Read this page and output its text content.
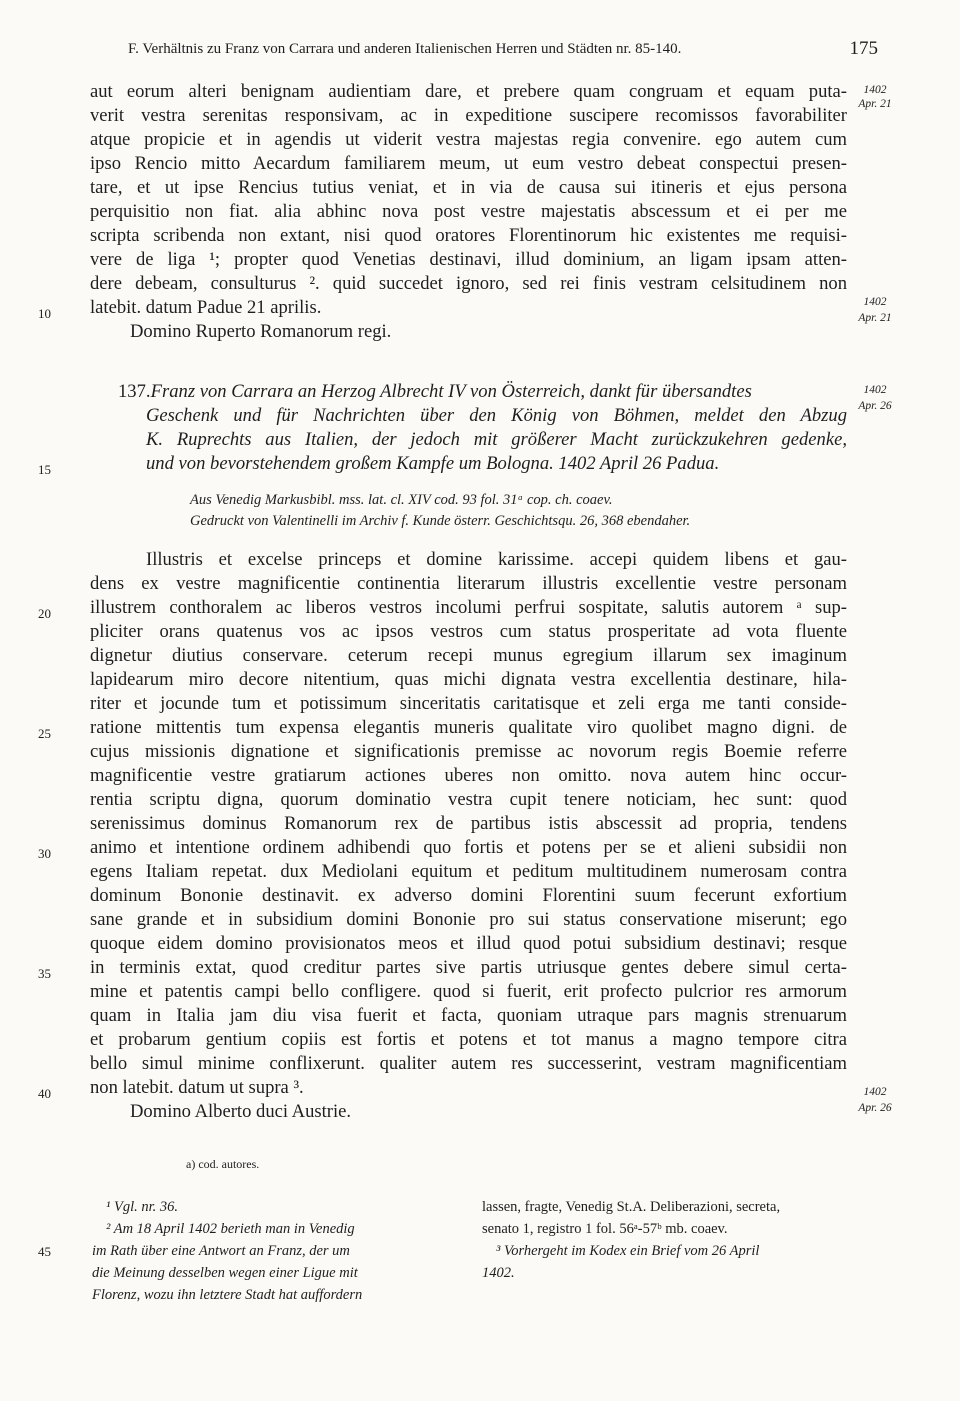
F. Verhältnis zu Franz von Carrara und anderen Italienischen Herren und Städten nr. 85-140.	175
aut eorum alteri benignam audientiam dare, et prebere quam congruam et equam puta-
verit vestra serenitas responsivam, ac in expeditione suscipere recomissos favorabiliter
atque propicie et in agendis ut viderit vestra majestas regia convenire. ego autem cum
ipso Rencio mitto Aecardum familiarem meum, ut eum vestro debeat conspectui presen-
tare, et ut ipse Rencius tutius veniat, et in via de causa sui itineris et ejus persona
perquisitio non fiat. alia abhinc nova post vestre majestatis abscessum et ei per me
scripta scribenda non extant, nisi quod oratores Florentinorum hic existentes me requisi-
vere de liga ¹; propter quod Venetias destinavi, illud dominium, an ligam ipsam atten-
dere debeam, consulturus ². quid succedet ignoro, sed rei finis vestram celsitudinem non
latebit. datum Padue 21 aprilis.
Domino Ruperto Romanorum regi.
137. Franz von Carrara an Herzog Albrecht IV von Österreich, dankt für übersandtes
Geschenk und für Nachrichten über den König von Böhmen, meldet den Abzug
K. Ruprechts aus Italien, der jedoch mit größerer Macht zurückzukehren gedenke,
und von bevorstehendem großem Kampfe um Bologna. 1402 April 26 Padua.
Aus Venedig Markusbibl. mss. lat. cl. XIV cod. 93 fol. 31ᵃ cop. ch. coaev.
Gedruckt von Valentinelli im Archiv f. Kunde österr. Geschichtsqu. 26, 368 ebendaher.
Illustris et excelse princeps et domine karissime. accepi quidem libens et gau-
dens ex vestre magnificentie continentia literarum illustris excellentie vestre personam
illustrem conthoralem ac liberos vestros incolumi perfrui sospitate, salutis autorem ᵃ sup-
pliciter orans quatenus vos ac ipsos vestros cum status prosperitate ad vota fluente
dignetur diutius conservare. ceterum recepi munus egregium illarum sex imaginum
lapidearum miro decore nitentium, quas michi dignata vestra excellentia destinare, hila-
riter et jocunde tum et potissimum sinceritatis caritatisque et zeli erga me tanti conside-
ratione mittentis tum expensa elegantis muneris qualitate viro quolibet magno digni. de
cujus missionis dignatione et significationis premisse ac novorum regis Boemie referre
magnificentie vestre gratiarum actiones uberes non omitto. nova autem hinc occur-
rentia scriptu digna, quorum dominatio vestra cupit tenere noticiam, hec sunt: quod
serenissimus dominus Romanorum rex de partibus istis abscessit ad propria, tendens
animo et intentione ordinem adhibendi quo fortis et potens per se et alieni subsidii non
egens Italiam repetat. dux Mediolani equitum et peditum multitudinem numerosam contra
dominum Bononie destinavit. ex adverso domini Florentini suum fecerunt exfortium
sane grande et in subsidium domini Bononie pro sui status conservatione miserunt; ego
quoque eidem domino provisionatos meos et illud quod potui subsidium destinavi; resque
in terminis extat, quod creditur partes sive partis utriusque gentes debere simul certa-
mine et patentis campi bello confligere. quod si fuerit, erit profecto pulcrior res armorum
quam in Italia jam diu visa fuerit et facta, quoniam utraque pars magnis strenuarum
et probarum gentium copiis est fortis et potens et tot manus a magno tempore citra
bello simul minime conflixerunt. qualiter autem res successerint, vestram magnificentiam
non latebit. datum ut supra ³.
Domino Alberto duci Austrie.
10
15
20
25
30
35
40
45
1402
Apr. 21
1402
Apr. 21
1402
Apr. 26
1402
Apr. 26
a) cod. autores.
¹ Vgl. nr. 36.
² Am 18 April 1402 berieth man in Venedig
im Rath über eine Antwort an Franz, der um
die Meinung desselben wegen einer Ligue mit
Florenz, wozu ihn letztere Stadt hat auffordern
lassen, fragte, Venedig St.A. Deliberazioni, secreta,
senato 1, registro 1 fol. 56ᵃ-57ᵇ mb. coaev.
³ Vorhergeht im Kodex ein Brief vom 26 April
1402.
